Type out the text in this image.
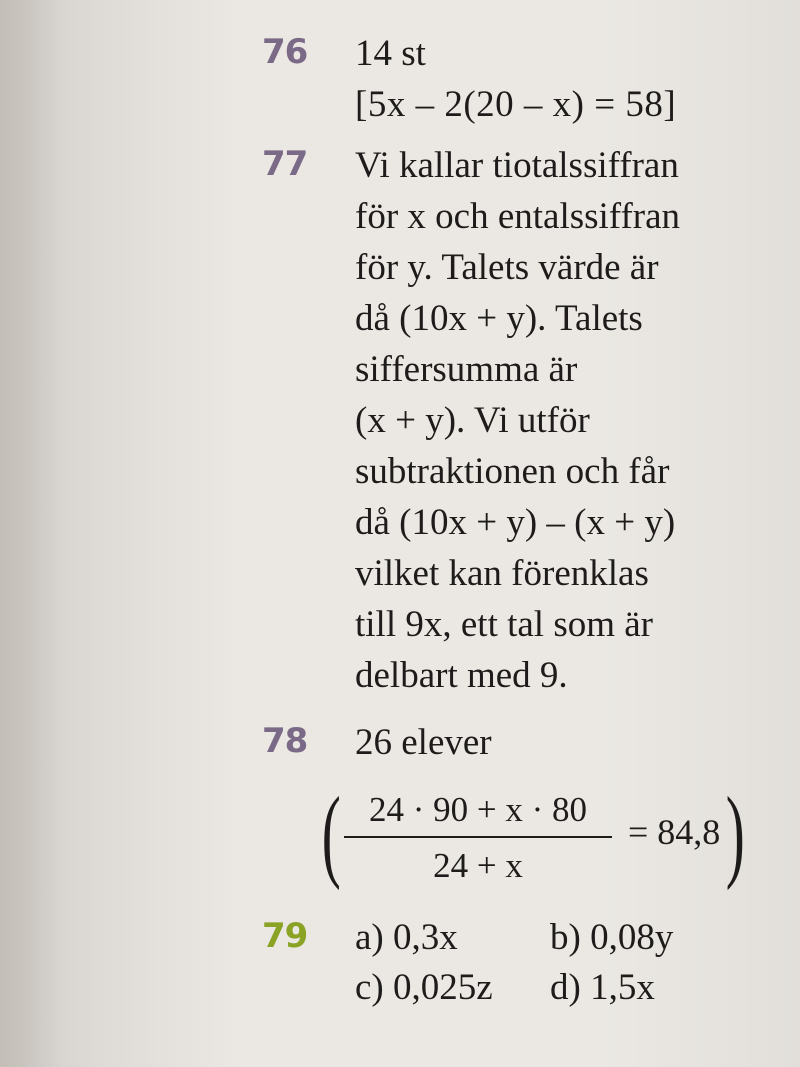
76 14 st
[5x – 2(20 – x) = 58]
77 Vi kallar tiotalssiffran
för x och entalssiffran
för y. Talets värde är
då (10x + y). Talets
siffersumma är
(x + y). Vi utför
subtraktionen och får
då (10x + y) – (x + y)
vilket kan förenklas
till 9x, ett tal som är
delbart med 9.
78 26 elever
( 24 · 90 + x · 80
24 + x
= 84,8 )
79 a) 0,3x b) 0,08y
c) 0,025z d) 1,5x
